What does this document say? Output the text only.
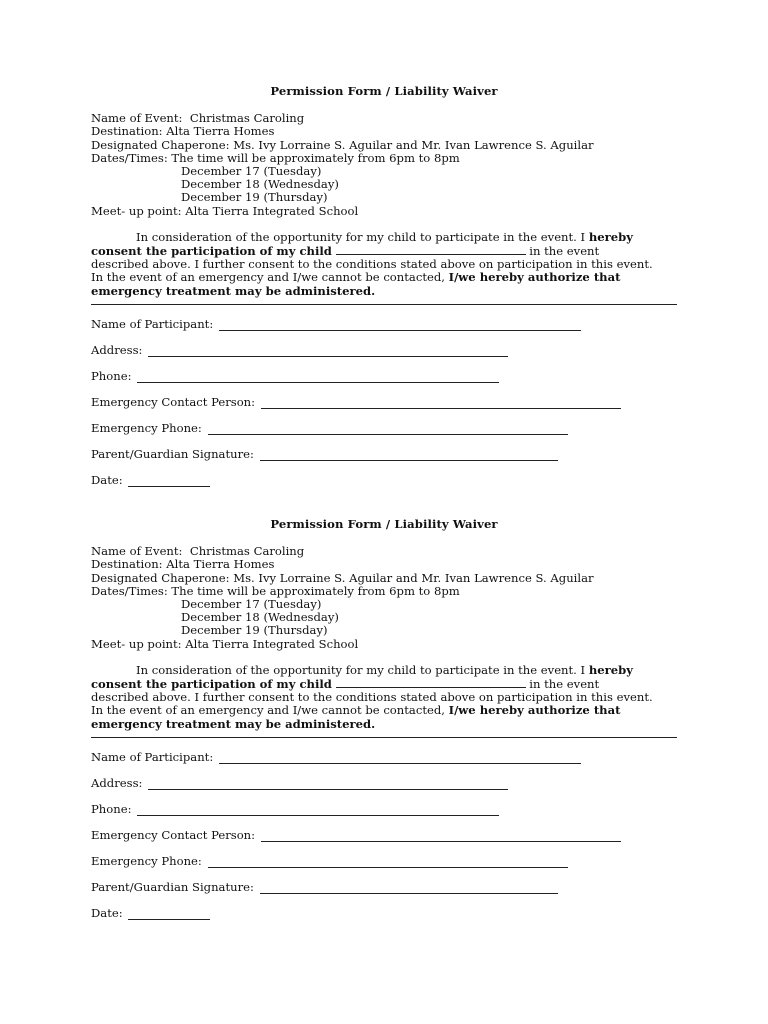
Permission Form / Liability Waiver
Name of Event:  Christmas Caroling
Destination: Alta Tierra Homes
Designated Chaperone: Ms. Ivy Lorraine S. Aguilar and Mr. Ivan Lawrence S. Aguilar
Dates/Times: The time will be approximately from 6pm to 8pm
December 17 (Tuesday)
December 18 (Wednesday)
December 19 (Thursday)
Meet- up point: Alta Tierra Integrated School
In consideration of the opportunity for my child to participate in the event. I hereby consent the participation of my child	in the event described above. I further consent to the conditions stated above on participation in this event. In the event of an emergency and I/we cannot be contacted, I/we hereby authorize that emergency treatment may be administered.
Name of Participant:
Address:
Phone:
Emergency Contact Person:
Emergency Phone:
Parent/Guardian Signature:
Date:
Permission Form / Liability Waiver
Name of Event:  Christmas Caroling
Destination: Alta Tierra Homes
Designated Chaperone: Ms. Ivy Lorraine S. Aguilar and Mr. Ivan Lawrence S. Aguilar
Dates/Times: The time will be approximately from 6pm to 8pm
December 17 (Tuesday)
December 18 (Wednesday)
December 19 (Thursday)
Meet- up point: Alta Tierra Integrated School
In consideration of the opportunity for my child to participate in the event. I hereby consent the participation of my child	in the event described above. I further consent to the conditions stated above on participation in this event. In the event of an emergency and I/we cannot be contacted, I/we hereby authorize that emergency treatment may be administered.
Name of Participant:
Address:
Phone:
Emergency Contact Person:
Emergency Phone:
Parent/Guardian Signature:
Date:
